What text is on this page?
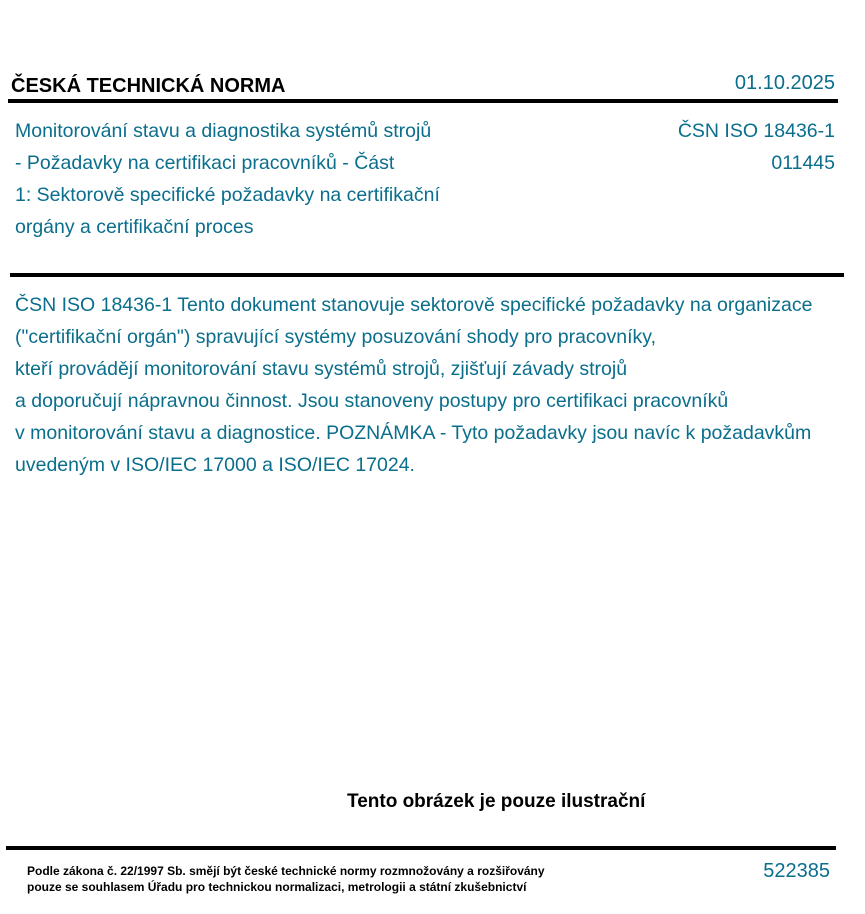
ČESKÁ TECHNICKÁ NORMA	01.10.2025
Monitorování stavu a diagnostika systémů strojů
- Požadavky na certifikaci pracovníků - Část
1: Sektorově specifické požadavky na certifikační
orgány a certifikační proces
ČSN ISO 18436-1
011445
ČSN ISO 18436-1 Tento dokument stanovuje sektorově specifické požadavky na organizace
("certifikační orgán") spravující systémy posuzování shody pro pracovníky,
kteří provádějí monitorování stavu systémů strojů, zjišťují závady strojů
a doporučují nápravnou činnost. Jsou stanoveny postupy pro certifikaci pracovníků
v monitorování stavu a diagnostice. POZNÁMKA - Tyto požadavky jsou navíc k požadavkům
uvedeným v ISO/IEC 17000 a ISO/IEC 17024.
Tento obrázek je pouze ilustrační
Podle zákona č. 22/1997 Sb. smějí být české technické normy rozmnožovány a rozšiřovány
pouze se souhlasem Úřadu pro technickou normalizaci, metrologii a státní zkušebnictví
522385
